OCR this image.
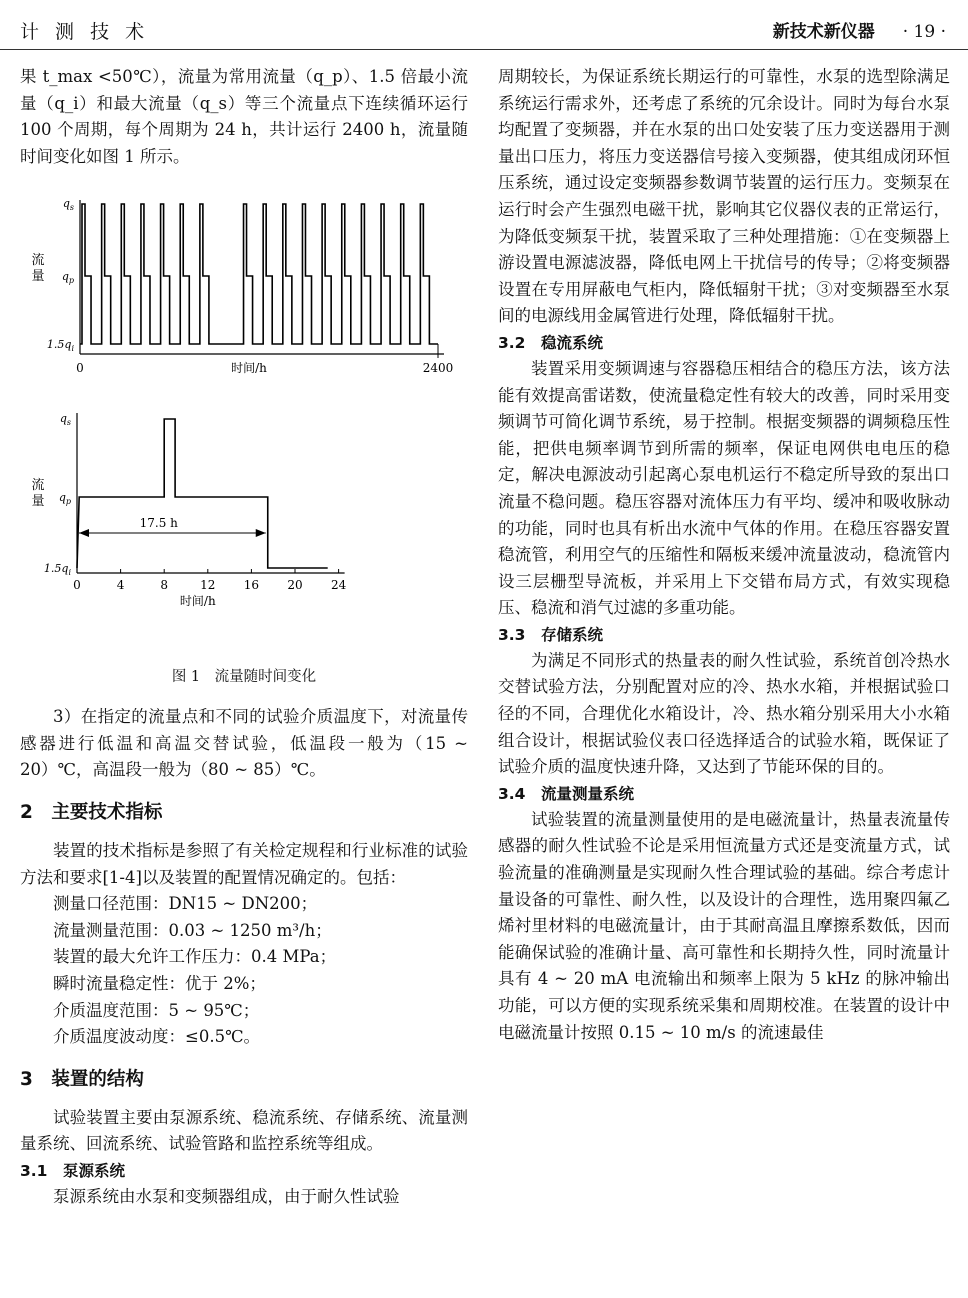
计 测 技 术	新技术新仪器 · 19 ·

果 t_max <50℃），流量为常用流量（q_p）、1.5 倍最小流量（q_i）和最大流量（q_s）等三个流量点下连续循环运行 100 个周期，每个周期为 24 h，共计运行 2400 h，流量随时间变化如图 1 所示。

流
量
$q_s$
$q_p$
$1.5q_i$
0	2400
时间/h

流
量
$q_s$
$q_p$
$1.5q_i$
17.5 h
0	4	8	12 16 20 24
时间/h
图 1　流量随时间变化

3）在指定的流量点和不同的试验介质温度下，对流量传感器进行低温和高温交替试验，低温段一般为（15 ~ 20）℃，高温段一般为（80 ~ 85）℃。

2　主要技术指标

装置的技术指标是参照了有关检定规程和行业标准的试验方法和要求[1-4]以及装置的配置情况确定的。包括：

测量口径范围：DN15 ~ DN200；
流量测量范围：0.03 ~ 1250 m³/h；
装置的最大允许工作压力：0.4 MPa；
瞬时流量稳定性：优于 2%；
介质温度范围：5 ~ 95℃；
介质温度波动度：≤0.5℃。
3　装置的结构

试验装置主要由泵源系统、稳流系统、存储系统、流量测量系统、回流系统、试验管路和监控系统等组成。

3.1　泵源系统

泵源系统由水泵和变频器组成，由于耐久性试验

周期较长，为保证系统长期运行的可靠性，水泵的选型除满足系统运行需求外，还考虑了系统的冗余设计。同时为每台水泵均配置了变频器，并在水泵的出口处安装了压力变送器用于测量出口压力，将压力变送器信号接入变频器，使其组成闭环恒压系统，通过设定变频器参数调节装置的运行压力。变频泵在运行时会产生强烈电磁干扰，影响其它仪器仪表的正常运行，为降低变频泵干扰，装置采取了三种处理措施：①在变频器上游设置电源滤波器，降低电网上干扰信号的传导；②将变频器设置在专用屏蔽电气柜内，降低辐射干扰；③对变频器至水泵间的电源线用金属管进行处理，降低辐射干扰。

3.2　稳流系统

装置采用变频调速与容器稳压相结合的稳压方法，该方法能有效提高雷诺数，使流量稳定性有较大的改善，同时采用变频调节可简化调节系统，易于控制。根据变频器的调频稳压性能，把供电频率调节到所需的频率，保证电网供电电压的稳定，解决电源波动引起离心泵电机运行不稳定所导致的泵出口流量不稳问题。稳压容器对流体压力有平均、缓冲和吸收脉动的功能，同时也具有析出水流中气体的作用。在稳压容器安置稳流管，利用空气的压缩性和隔板来缓冲流量波动，稳流管内设三层栅型导流板，并采用上下交错布局方式，有效实现稳压、稳流和消气过滤的多重功能。

3.3　存储系统

为满足不同形式的热量表的耐久性试验，系统首创冷热水交替试验方法，分别配置对应的冷、热水水箱，并根据试验口径的不同，合理优化水箱设计，冷、热水箱分别采用大小水箱组合设计，根据试验仪表口径选择适合的试验水箱，既保证了试验介质的温度快速升降，又达到了节能环保的目的。

3.4　流量测量系统

试验装置的流量测量使用的是电磁流量计，热量表流量传感器的耐久性试验不论是采用恒流量方式还是变流量方式，试验流量的准确测量是实现耐久性合理试验的基础。综合考虑计量设备的可靠性、耐久性，以及设计的合理性，选用聚四氟乙烯衬里材料的电磁流量计，由于其耐高温且摩擦系数低，因而能确保试验的准确计量、高可靠性和长期持久性，同时流量计具有 4 ~ 20 mA 电流输出和频率上限为 5 kHz 的脉冲输出功能，可以方便的实现系统采集和周期校准。在装置的设计中电磁流量计按照 0.15 ~ 10 m/s 的流速最佳
